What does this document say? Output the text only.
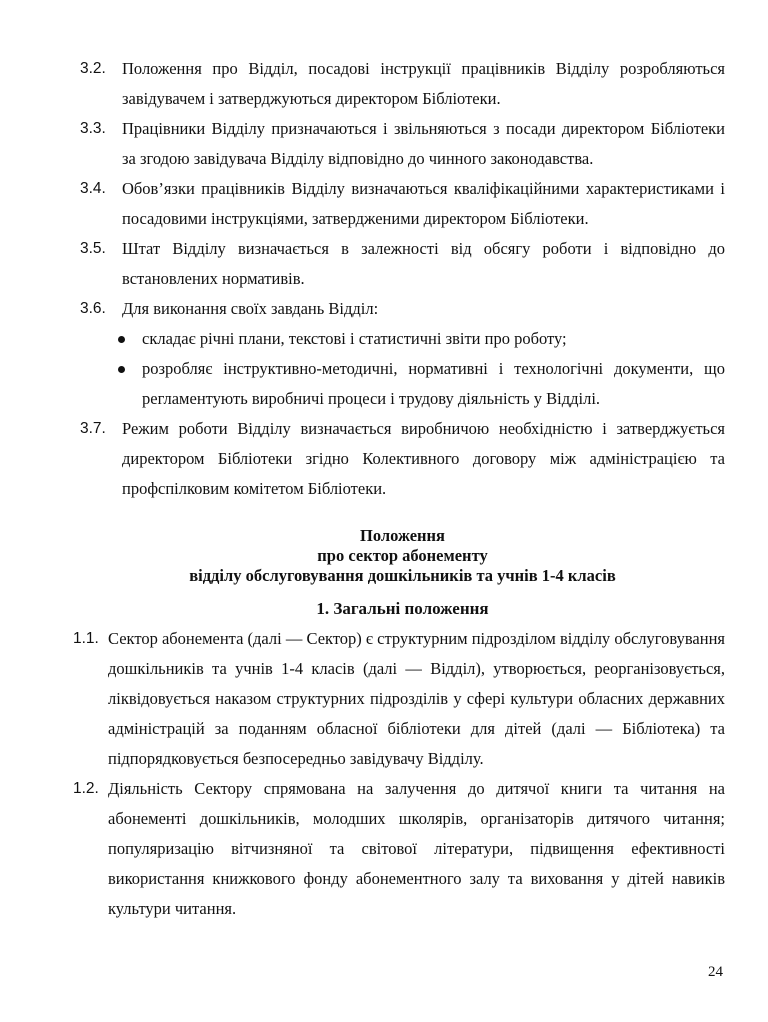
3.2. Положення про Відділ, посадові інструкції працівників Відділу розробляються завідувачем і затверджуються директором Бібліотеки.
3.3. Працівники Відділу призначаються і звільняються з посади директором Бібліотеки за згодою завідувача Відділу відповідно до чинного законодавства.
3.4. Обов’язки працівників Відділу визначаються кваліфікаційними характеристиками і посадовими інструкціями, затвердженими директором Бібліотеки.
3.5. Штат Відділу визначається в залежності від обсягу роботи і відповідно до встановлених нормативів.
3.6. Для виконання своїх завдань Відділ:
складає річні плани, текстові і статистичні звіти про роботу;
розробляє інструктивно-методичні, нормативні і технологічні документи, що регламентують виробничі процеси і трудову діяльність у Відділі.
3.7. Режим роботи Відділу визначається виробничою необхідністю і затверджується директором Бібліотеки згідно Колективного договору між адміністрацією та профспілковим комітетом Бібліотеки.

Положення

про сектор абонементу

відділу обслуговування дошкільників та учнів 1-4 класів

1. Загальні положення

1.1. Сектор абонемента (далі — Сектор) є структурним підрозділом відділу обслуговування дошкільників та учнів 1-4 класів (далі — Відділ), утворюється, реорганізовується, ліквідовується наказом структурних підрозділів у сфері культури обласних державних адміністрацій за поданням обласної бібліотеки для дітей (далі — Бібліотека) та підпорядковується безпосередньо завідувачу Відділу.
1.2. Діяльність Сектору спрямована на залучення до дитячої книги та читання на абонементі дошкільників, молодших школярів, організаторів дитячого читання; популяризацію вітчизняної та світової літератури, підвищення ефективності використання книжкового фонду абонементного залу та виховання у дітей навиків культури читання.
24
